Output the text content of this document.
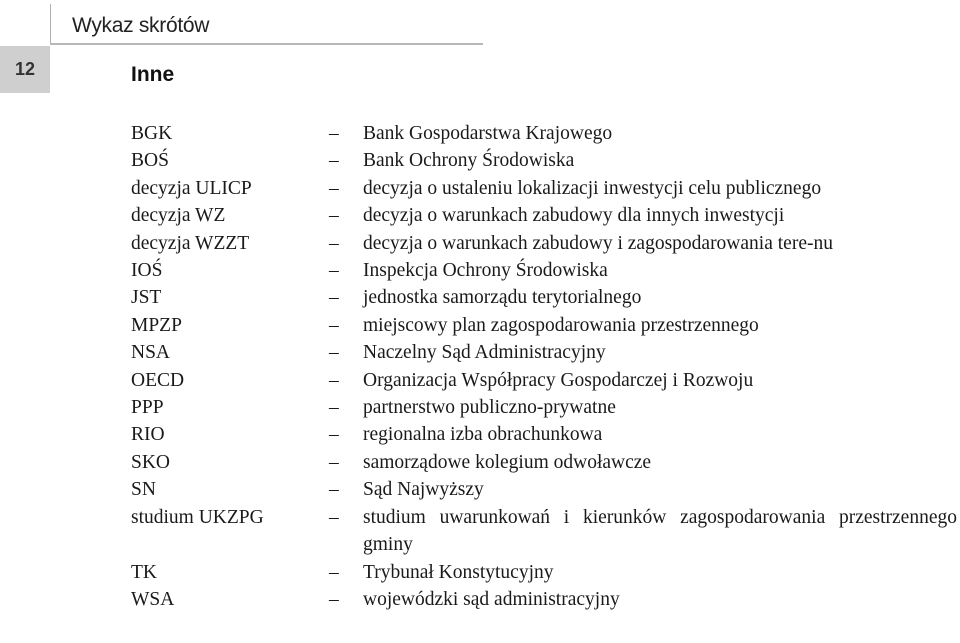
Wykaz skrótów
12	Inne
BGK	–	Bank Gospodarstwa Krajowego
BOŚ	–	Bank Ochrony Środowiska
decyzja ULICP	–	decyzja o ustaleniu lokalizacji inwestycji celu publicznego
decyzja WZ	–	decyzja o warunkach zabudowy dla innych inwestycji
decyzja WZZT	–	decyzja o warunkach zabudowy i zagospodarowania tere-nu
IOŚ	–	Inspekcja Ochrony Środowiska
JST	–	jednostka samorządu terytorialnego
MPZP	–	miejscowy plan zagospodarowania przestrzennego
NSA	–	Naczelny Sąd Administracyjny
OECD	–	Organizacja Współpracy Gospodarczej i Rozwoju
PPP	–	partnerstwo publiczno-prywatne
RIO	–	regionalna izba obrachunkowa
SKO	–	samorządowe kolegium odwoławcze
SN	–	Sąd Najwyższy
studium UKZPG	–	studium uwarunkowań i kierunków zagospodarowania przestrzennego gminy
TK	–	Trybunał Konstytucyjny
WSA	–	wojewódzki sąd administracyjny
